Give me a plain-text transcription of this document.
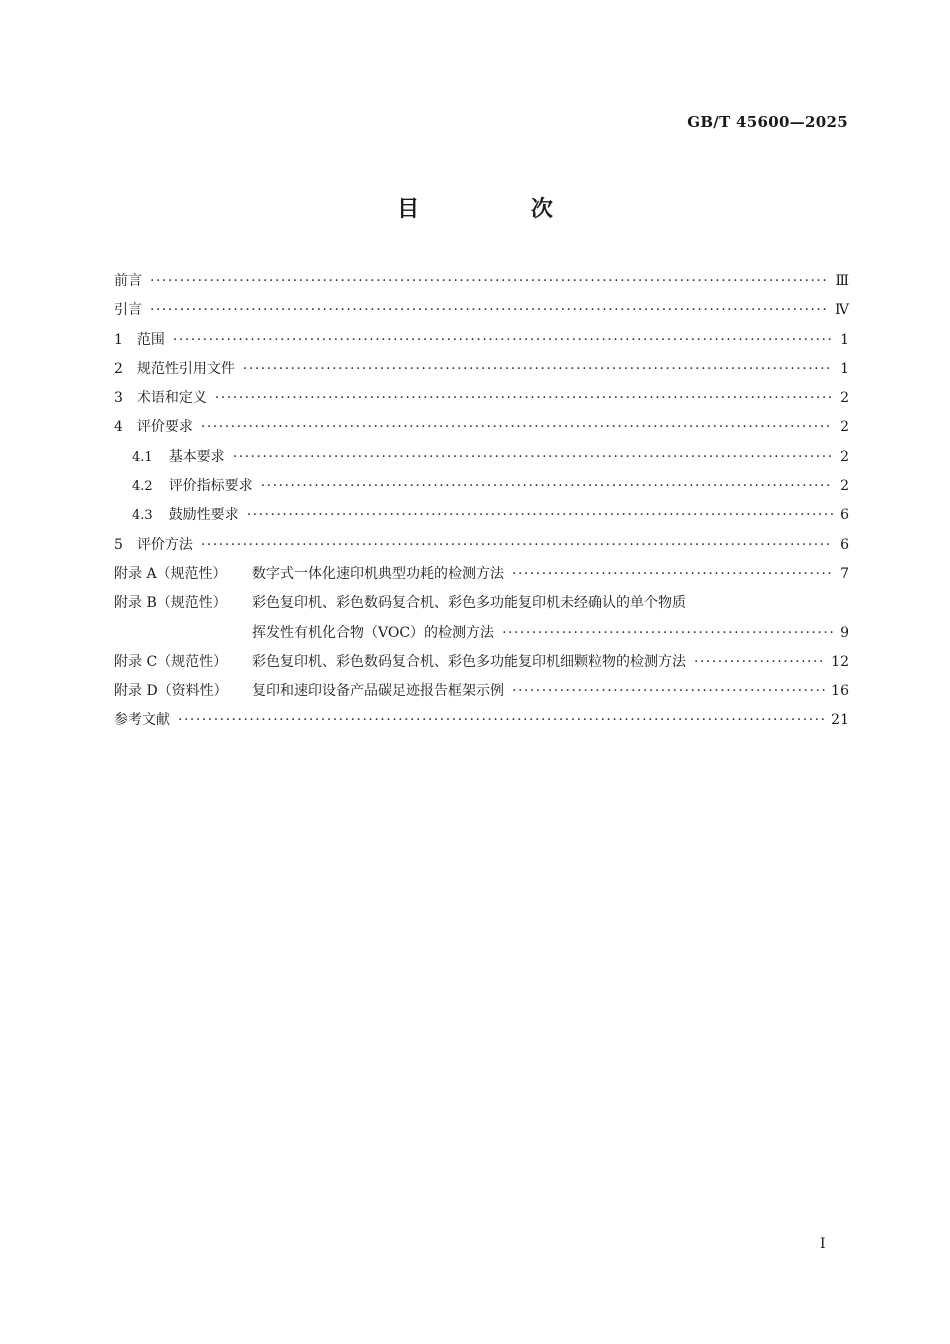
GB/T 45600—2025
目 次
前言 ·····	Ⅲ
引言 ·····	Ⅳ
1 范围 ·····	1
2 规范性引用文件 ·····	1
3 术语和定义 ·····	2
4 评价要求 ·····	2
4.1 基本要求 ·····	2
4.2 评价指标要求 ·····	2
4.3 鼓励性要求 ·····	6
5 评价方法 ·····	6
附录 A（规范性）	数字式一体化速印机典型功耗的检测方法 ·····	7
附录 B（规范性）	彩色复印机、彩色数码复合机、彩色多功能复印机未经确认的单个物质
挥发性有机化合物（VOC）的检测方法 ·····	9
附录 C（规范性）	彩色复印机、彩色数码复合机、彩色多功能复印机细颗粒物的检测方法 ·····	12
附录 D（资料性）	复印和速印设备产品碳足迹报告框架示例 ·····	16
参考文献 ·····	21
Ⅰ
